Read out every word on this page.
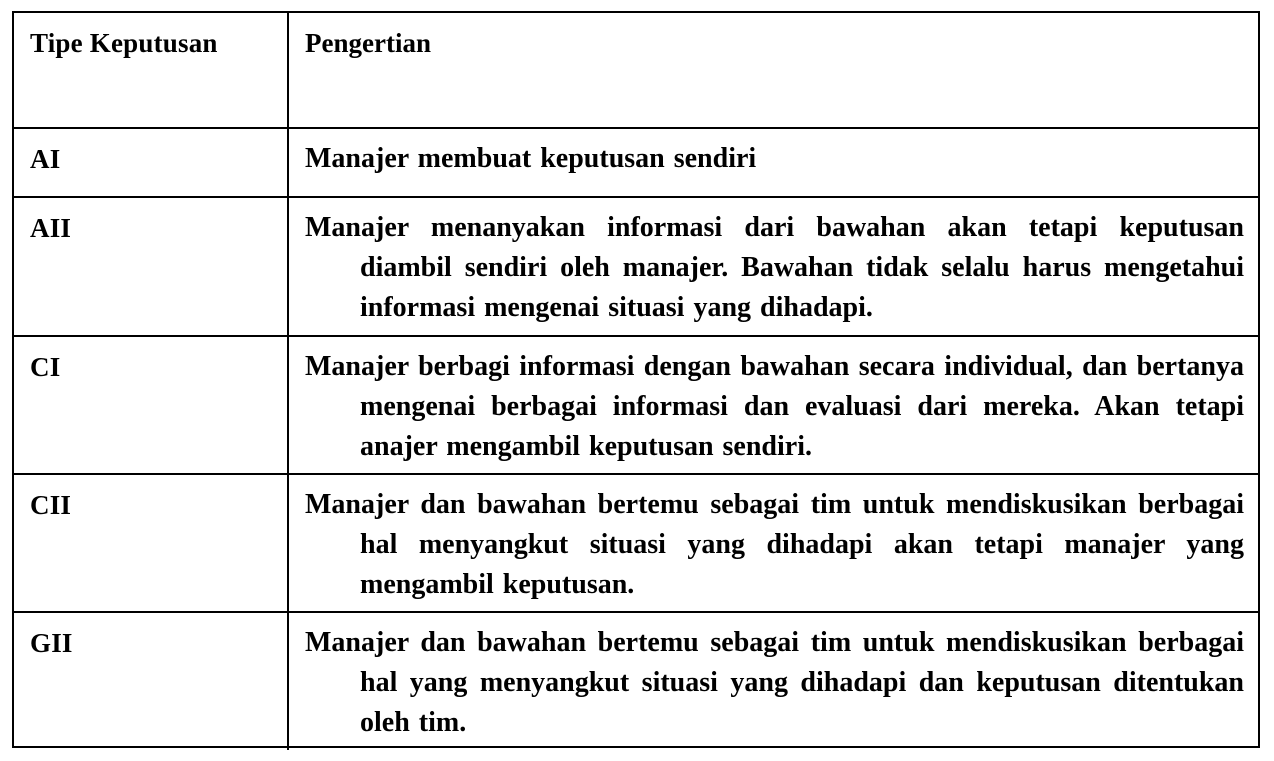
Tipe Keputusan	Pengertian
AI	Manajer membuat keputusan sendiri

AII	Manajer menanyakan informasi dari bawahan akan tetapi keputusan diambil sendiri oleh manajer. Bawahan tidak selalu harus mengetahui informasi mengenai situasi yang dihadapi.

CI	Manajer berbagi informasi dengan bawahan secara individual, dan bertanya mengenai berbagai informasi dan evaluasi dari mereka. Akan tetapi anajer mengambil keputusan sendiri.

CII	Manajer dan bawahan bertemu sebagai tim untuk mendiskusikan berbagai hal menyangkut situasi yang dihadapi akan tetapi manajer yang mengambil keputusan.

GII	Manajer dan bawahan bertemu sebagai tim untuk mendiskusikan berbagai hal yang menyangkut situasi yang dihadapi dan keputusan ditentukan oleh tim.
